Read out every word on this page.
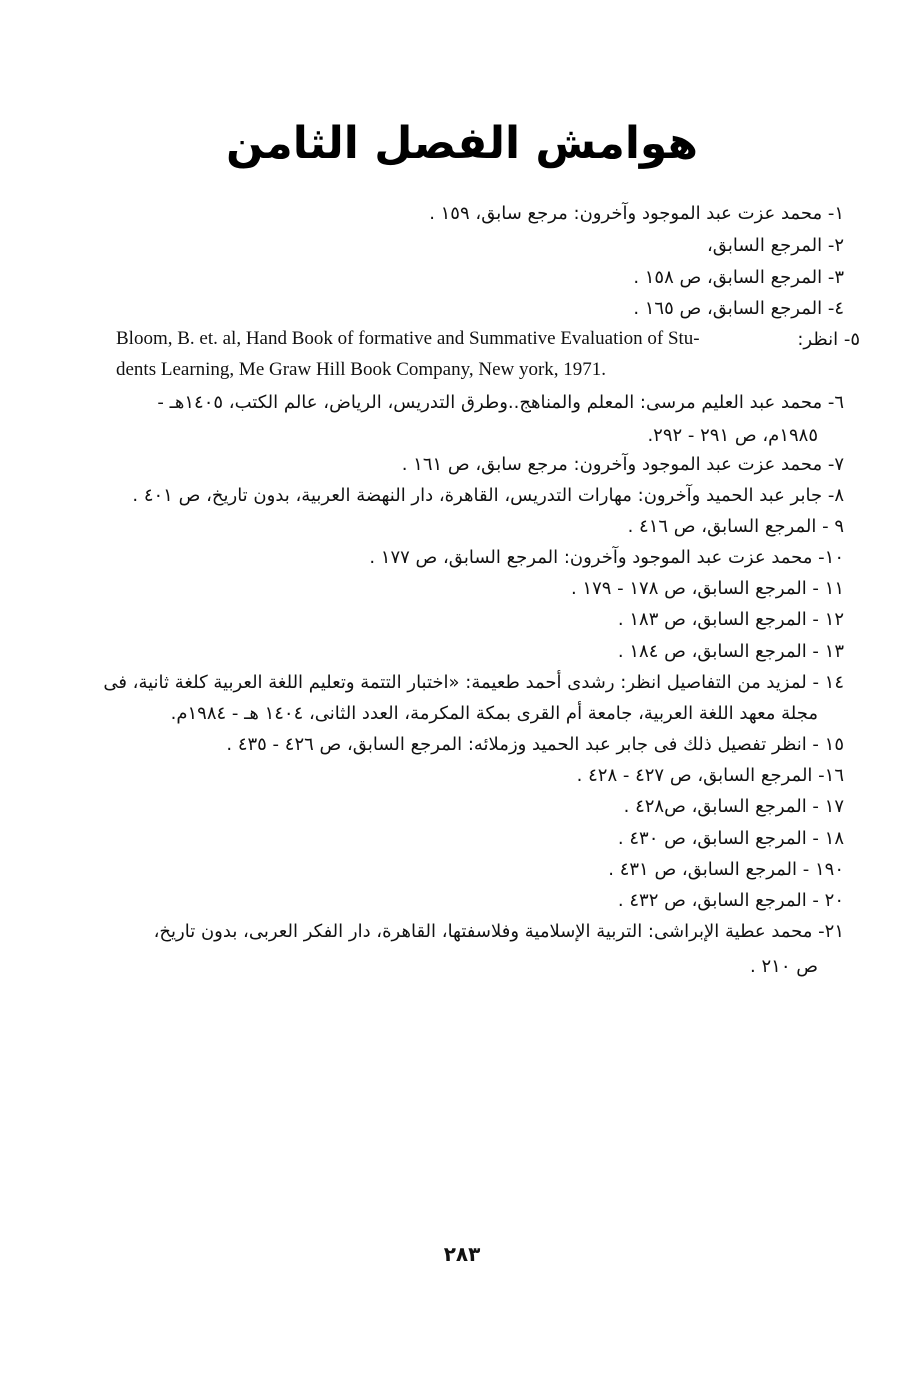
هوامش الفصل الثامن
١- محمد عزت عبد الموجود وآخرون: مرجع سابق، ١٥٩ .
٢- المرجع السابق،
٣- المرجع السابق، ص ١٥٨ .
٤- المرجع السابق، ص ١٦٥ .
٥- انظر:
Bloom, B. et. al, Hand Book of formative and Summative Evaluation of Stu-
dents Learning, Me Graw Hill Book Company, New york, 1971.
٦- محمد عبد العليم مرسى: المعلم والمناهج..وطرق التدريس، الرياض، عالم الكتب، ١٤٠٥هـ -
١٩٨٥م، ص ٢٩١ - ٢٩٢.
٧- محمد عزت عبد الموجود وآخرون: مرجع سابق، ص ١٦١ .
٨- جابر عبد الحميد وآخرون: مهارات التدريس، القاهرة، دار النهضة العربية، بدون تاريخ، ص ٤٠١ .
٩ - المرجع السابق، ص ٤١٦ .
١٠- محمد عزت عبد الموجود وآخرون: المرجع السابق، ص ١٧٧ .
١١ - المرجع السابق، ص ١٧٨ - ١٧٩ .
١٢ - المرجع السابق، ص ١٨٣ .
١٣ - المرجع السابق، ص ١٨٤ .
١٤ - لمزيد من التفاصيل انظر: رشدى أحمد طعيمة: «اختبار التتمة وتعليم اللغة العربية كلغة ثانية، فى
مجلة معهد اللغة العربية، جامعة أم القرى بمكة المكرمة، العدد الثانى، ١٤٠٤ هـ - ١٩٨٤م.
١٥ - انظر تفصيل ذلك فى جابر عبد الحميد وزملائه: المرجع السابق، ص ٤٢٦ - ٤٣٥ .
١٦- المرجع السابق، ص ٤٢٧ - ٤٢٨ .
١٧ - المرجع السابق، ص٤٢٨ .
١٨ - المرجع السابق، ص ٤٣٠ .
١٩٠ - المرجع السابق، ص ٤٣١ .
٢٠ - المرجع السابق، ص ٤٣٢ .
٢١- محمد عطية الإبراشى: التربية الإسلامية وفلاسفتها، القاهرة، دار الفكر العربى، بدون تاريخ،
ص ٢١٠ .
٢٨٣
